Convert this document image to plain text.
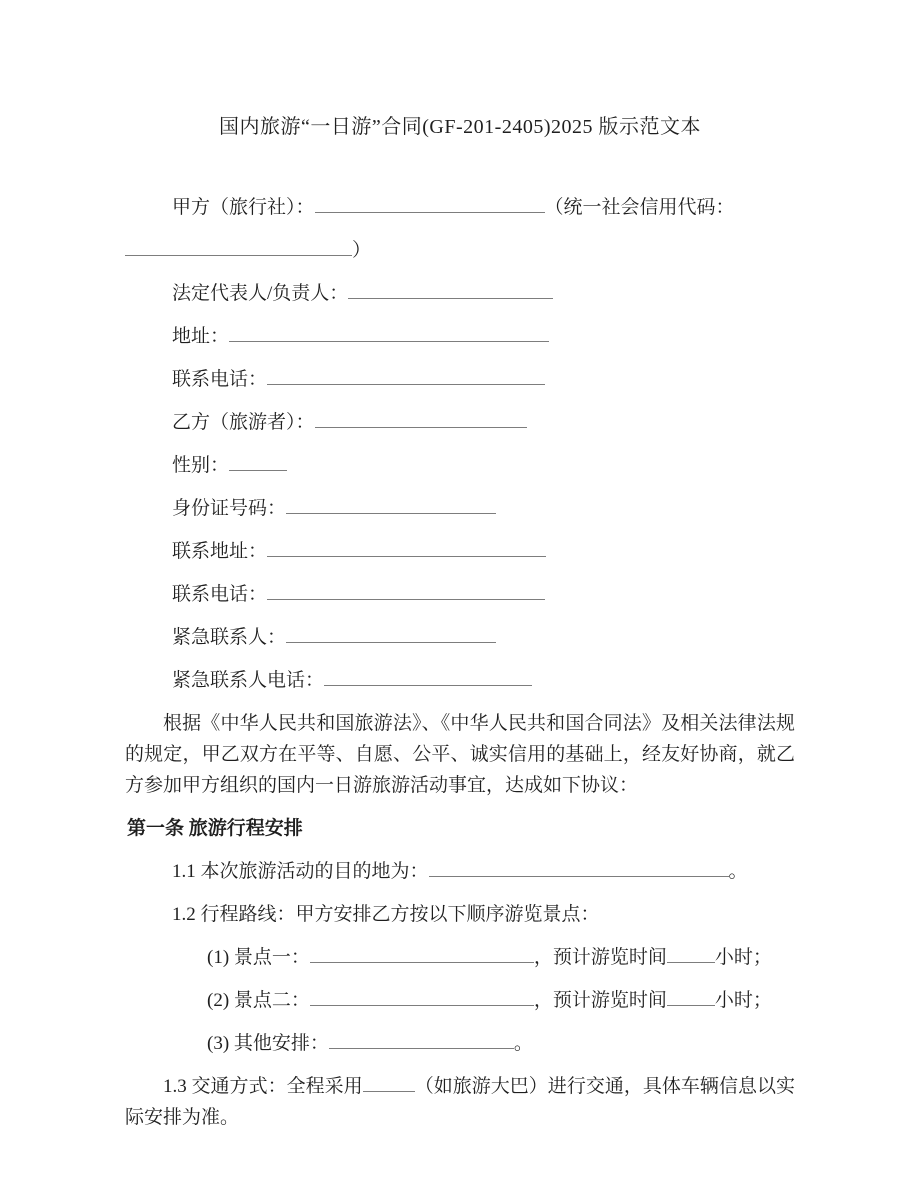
国内旅游“一日游”合同(GF-201-2405)2025 版示范文本

甲方（旅行社）：	（统一社会信用代码：

）

法定代表人/负责人：

地址：

联系电话：

乙方（旅游者）：

性别：

身份证号码：

联系地址：

联系电话：

紧急联系人：

紧急联系人电话：

根据《中华人民共和国旅游法》、《中华人民共和国合同法》及相关法律法规的规定，甲乙双方在平等、自愿、公平、诚实信用的基础上，经友好协商，就乙方参加甲方组织的国内一日游旅游活动事宜，达成如下协议：

第一条 旅游行程安排

1.1 本次旅游活动的目的地为：	。

1.2 行程路线：甲方安排乙方按以下顺序游览景点：

(1) 景点一：	，预计游览时间	小时；

(2) 景点二：	，预计游览时间	小时；

(3) 其他安排：	。

1.3 交通方式：全程采用	（如旅游大巴）进行交通，具体车辆信息以实际安排为准。
